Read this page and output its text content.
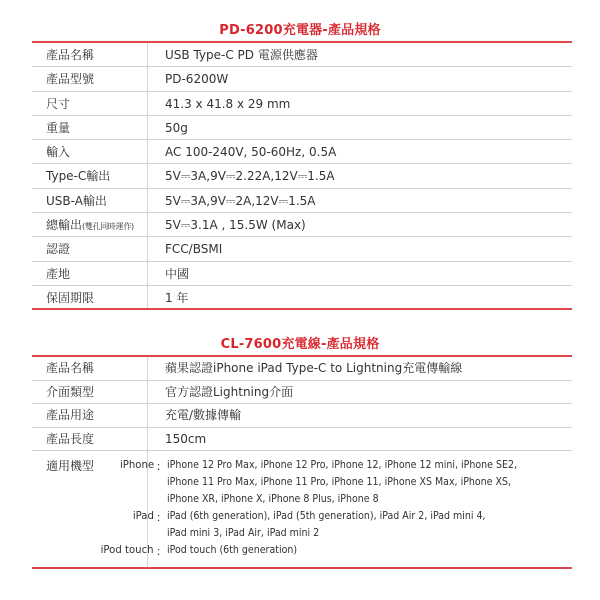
PD-6200充電器-產品規格
產品名稱	USB Type-C PD 電源供應器
產品型號	PD-6200W
尺寸	41.3 x 41.8 x 29 mm
重量	50g
輸入	AC 100-240V, 50-60Hz, 0.5A
Type-C輸出	5V⎓3A,9V⎓2.22A,12V⎓1.5A
USB-A輸出	5V⎓3A,9V⎓2A,12V⎓1.5A
總輸出(雙孔同時運作)	5V⎓3.1A , 15.5W (Max)
認證	FCC/BSMI
產地	中國
保固期限	1 年
CL-7600充電線-產品規格
產品名稱	蘋果認證iPhone iPad Type-C to Lightning充電傳輸線
介面類型	官方認證Lightning介面
產品用途	充電/數據傳輸
產品長度	150cm
適用機型 iPhone ： iPhone 12 Pro Max, iPhone 12 Pro, iPhone 12, iPhone 12 mini, iPhone SE2,
iPhone 11 Pro Max, iPhone 11 Pro, iPhone 11, iPhone XS Max, iPhone XS,
iPhone XR, iPhone X, iPhone 8 Plus, iPhone 8
iPad ： iPad (6th generation), iPad (5th generation), iPad Air 2, iPad mini 4,
iPad mini 3, iPad Air, iPad mini 2
iPod touch ： iPod touch (6th generation)
